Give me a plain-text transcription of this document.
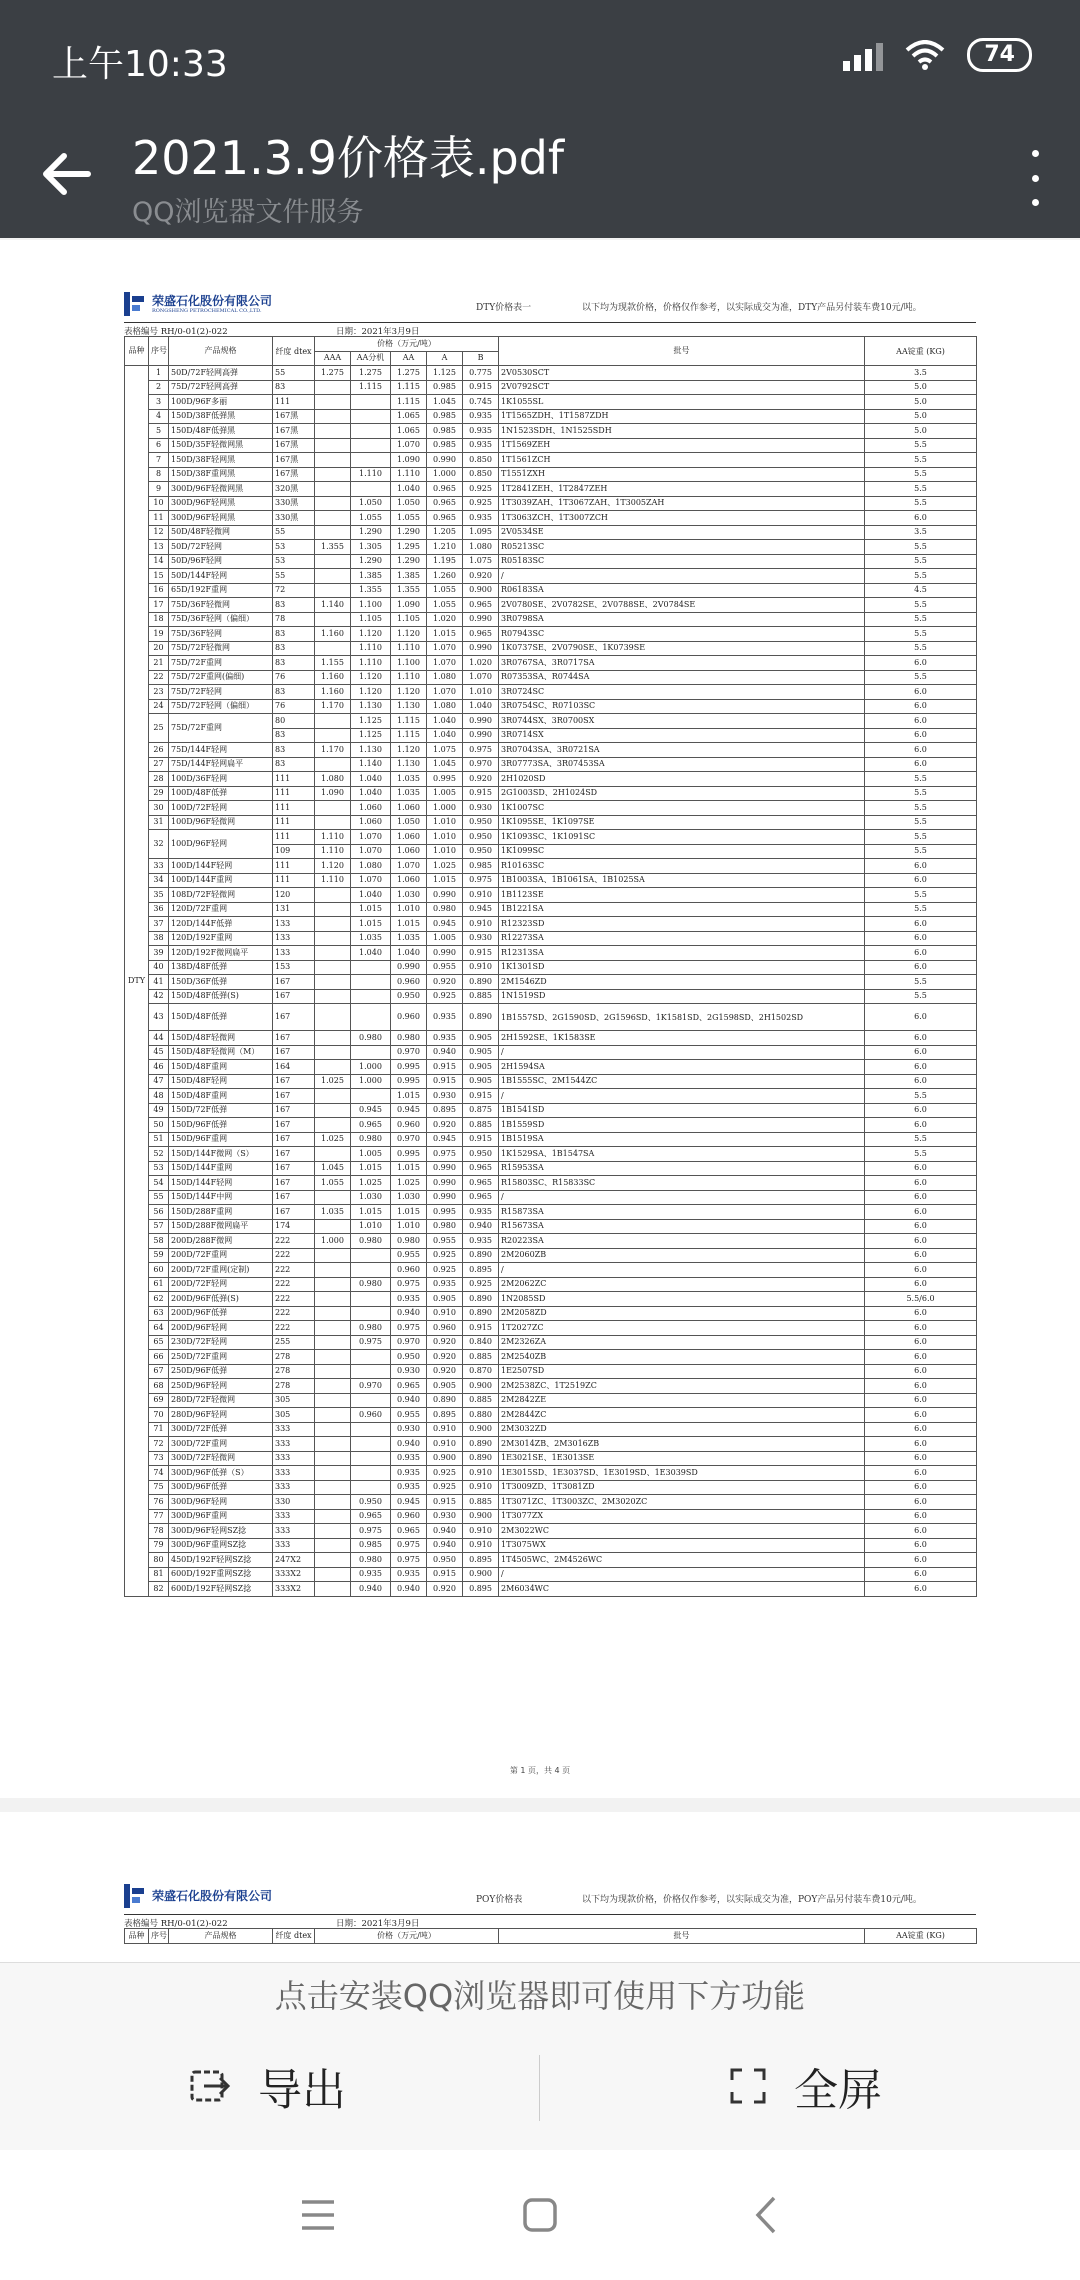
上午10:33	74
2021.3.9价格表.pdf
QQ浏览器文件服务
荣盛石化股份有限公司
RONGSHENG PETROCHEMICAL CO.,LTD.	DTY价格表一	以下均为现款价格，价格仅作参考，以实际成交为准，DTY产品另付装车费10元/吨。
表格编号 RH/0-01(2)-022	日期：2021年3月9日
品种	序号	产品规格	纤度 dtex	价格（万元/吨）					批号	AA锭重 (KG)
				AAA	AA分机	AA	A	B		
DTY	1	50D/72F轻网高弹	55	1.275	1.275	1.275	1.125	0.775	2V0530SCT	3.5
	2	75D/72F轻网高弹	83		1.115	1.115	0.985	0.915	2V0792SCT	5.0
	3	100D/96F多丽	111			1.115	1.045	0.745	1K1055SL	5.0
	4	150D/38F低弹黑	167黑			1.065	0.985	0.935	1T1565ZDH、1T1587ZDH	5.0
	5	150D/48F低弹黑	167黑			1.065	0.985	0.935	1N1523SDH、1N1525SDH	5.0
	6	150D/35F轻微网黑	167黑			1.070	0.985	0.935	1T1569ZEH	5.5
	7	150D/38F轻网黑	167黑			1.090	0.990	0.850	1T1561ZCH	5.5
	8	150D/38F重网黑	167黑		1.110	1.110	1.000	0.850	T1551ZXH	5.5
	9	300D/96F轻微网黑	320黑			1.040	0.965	0.925	1T2841ZEH、1T2847ZEH	5.5
	10	300D/96F轻网黑	330黑		1.050	1.050	0.965	0.925	1T3039ZAH、1T3067ZAH、1T3005ZAH	5.5
	11	300D/96F轻网黑	330黑		1.055	1.055	0.965	0.935	1T3063ZCH、1T3007ZCH	6.0
	12	50D/48F轻微网	55		1.290	1.290	1.205	1.095	2V0534SE	3.5
	13	50D/72F轻网	53	1.355	1.305	1.295	1.210	1.080	R05213SC	5.5
	14	50D/96F轻网	53		1.290	1.290	1.195	1.075	R05183SC	5.5
	15	50D/144F轻网	55		1.385	1.385	1.260	0.920	/	5.5
	16	65D/192F重网	72		1.355	1.355	1.055	0.900	R06183SA	4.5
	17	75D/36F轻微网	83	1.140	1.100	1.090	1.055	0.965	2V0780SE、2V0782SE、2V0788SE、2V0784SE	5.5
	18	75D/36F轻网（偏细）	78		1.105	1.105	1.020	0.990	3R0798SA	5.5
	19	75D/36F轻网	83	1.160	1.120	1.120	1.015	0.965	R07943SC	5.5
	20	75D/72F轻微网	83		1.110	1.110	1.070	0.990	1K0737SE、2V0790SE、1K0739SE	5.5
	21	75D/72F重网	83	1.155	1.110	1.100	1.070	1.020	3R0767SA、3R0717SA	6.0
	22	75D/72F重网(偏细)	76	1.160	1.120	1.110	1.080	1.070	R07353SA、R0744SA	5.5
	23	75D/72F轻网	83	1.160	1.120	1.120	1.070	1.010	3R0724SC	6.0
	24	75D/72F轻网（偏细）	76	1.170	1.130	1.130	1.080	1.040	3R0754SC、R07103SC	6.0
	25	75D/72F重网	80		1.125	1.115	1.040	0.990	3R0744SX、3R0700SX	6.0
			83		1.125	1.115	1.040	0.990	3R0714SX	6.0
	26	75D/144F轻网	83	1.170	1.130	1.120	1.075	0.975	3R07043SA、3R0721SA	6.0
	27	75D/144F轻网扁平	83		1.140	1.130	1.045	0.970	3R07773SA、3R07453SA	6.0
	28	100D/36F轻网	111	1.080	1.040	1.035	0.995	0.920	2H1020SD	5.5
	29	100D/48F低弹	111	1.090	1.040	1.035	1.005	0.915	2G1003SD、2H1024SD	5.5
	30	100D/72F轻网	111		1.060	1.060	1.000	0.930	1K1007SC	5.5
	31	100D/96F轻微网	111		1.060	1.050	1.010	0.950	1K1095SE、1K1097SE	5.5
	32	100D/96F轻网	111	1.110	1.070	1.060	1.010	0.950	1K1093SC、1K1091SC	5.5
			109	1.110	1.070	1.060	1.010	0.950	1K1099SC	5.5
	33	100D/144F轻网	111	1.120	1.080	1.070	1.025	0.985	R10163SC	6.0
	34	100D/144F重网	111	1.110	1.070	1.060	1.015	0.975	1B1003SA、1B1061SA、1B1025SA	6.0
	35	108D/72F轻微网	120		1.040	1.030	0.990	0.910	1B1123SE	5.5
	36	120D/72F重网	131		1.015	1.010	0.980	0.945	1B1221SA	5.5
	37	120D/144F低弹	133		1.015	1.015	0.945	0.910	R12323SD	6.0
	38	120D/192F重网	133		1.035	1.035	1.005	0.930	R12273SA	6.0
	39	120D/192F微网扁平	133		1.040	1.040	0.990	0.915	R12313SA	6.0
	40	138D/48F低弹	153			0.990	0.955	0.910	1K1301SD	6.0
	41	150D/36F低弹	167			0.960	0.920	0.890	2M1546ZD	5.5
	42	150D/48F低弹(S)	167			0.950	0.925	0.885	1N1519SD	5.5
	43	150D/48F低弹	167			0.960	0.935	0.890	1B1557SD、2G1590SD、2G1596SD、1K1581SD、2G1598SD、2H1502SD	6.0
	44	150D/48F轻微网	167		0.980	0.980	0.935	0.905	2H1592SE、1K1583SE	6.0
	45	150D/48F轻微网（M）	167			0.970	0.940	0.905	/	6.0
	46	150D/48F重网	164		1.000	0.995	0.915	0.905	2H1594SA	6.0
	47	150D/48F轻网	167	1.025	1.000	0.995	0.915	0.905	1B1555SC、2M1544ZC	6.0
	48	150D/48F重网	167			1.015	0.930	0.915	/	5.5
	49	150D/72F低弹	167		0.945	0.945	0.895	0.875	1B1541SD	6.0
	50	150D/96F低弹	167		0.965	0.960	0.920	0.885	1B1559SD	6.0
	51	150D/96F重网	167	1.025	0.980	0.970	0.945	0.915	1B1519SA	5.5
	52	150D/144F微网（S）	167		1.005	0.995	0.975	0.950	1K1529SA、1B1547SA	5.5
	53	150D/144F重网	167	1.045	1.015	1.015	0.990	0.965	R15953SA	6.0
	54	150D/144F轻网	167	1.055	1.025	1.025	0.990	0.965	R15803SC、R15833SC	6.0
	55	150D/144F中网	167		1.030	1.030	0.990	0.965	/	6.0
	56	150D/288F重网	167	1.035	1.015	1.015	0.995	0.935	R15873SA	6.0
	57	150D/288F微网扁平	174		1.010	1.010	0.980	0.940	R15673SA	6.0
	58	200D/288F微网	222	1.000	0.980	0.980	0.955	0.935	R20223SA	6.0
	59	200D/72F重网	222			0.955	0.925	0.890	2M2060ZB	6.0
	60	200D/72F重网(定制)	222			0.960	0.925	0.895	/	6.0
	61	200D/72F轻网	222		0.980	0.975	0.935	0.925	2M2062ZC	6.0
	62	200D/96F低弹(S)	222			0.935	0.905	0.890	1N2085SD	5.5/6.0
	63	200D/96F低弹	222			0.940	0.910	0.890	2M2058ZD	6.0
	64	200D/96F轻网	222		0.980	0.975	0.960	0.915	1T2027ZC	6.0
	65	230D/72F轻网	255		0.975	0.970	0.920	0.840	2M2326ZA	6.0
	66	250D/72F重网	278			0.950	0.920	0.885	2M2540ZB	6.0
	67	250D/96F低弹	278			0.930	0.920	0.870	1E2507SD	6.0
	68	250D/96F轻网	278		0.970	0.965	0.905	0.900	2M2538ZC、1T2519ZC	6.0
	69	280D/72F轻微网	305			0.940	0.890	0.885	2M2842ZE	6.0
	70	280D/96F轻网	305		0.960	0.955	0.895	0.880	2M2844ZC	6.0
	71	300D/72F低弹	333			0.930	0.910	0.900	2M3032ZD	6.0
	72	300D/72F重网	333			0.940	0.910	0.890	2M3014ZB、2M3016ZB	6.0
	73	300D/72F轻微网	333			0.935	0.900	0.890	1E3021SE、1E3013SE	6.0
	74	300D/96F低弹（S）	333			0.935	0.925	0.910	1E3015SD、1E3037SD、1E3019SD、1E3039SD	6.0
	75	300D/96F低弹	333			0.935	0.925	0.910	1T3009ZD、1T3081ZD	6.0
	76	300D/96F轻网	330		0.950	0.945	0.915	0.885	1T3071ZC、1T3003ZC、2M3020ZC	6.0
	77	300D/96F重网	333		0.965	0.960	0.930	0.900	1T3077ZX	6.0
	78	300D/96F轻网SZ捻	333		0.975	0.965	0.940	0.910	2M3022WC	6.0
	79	300D/96F重网SZ捻	333		0.985	0.975	0.940	0.910	1T3075WX	6.0
	80	450D/192F轻网SZ捻	247X2		0.980	0.975	0.950	0.895	1T4505WC、2M4526WC	6.0
	81	600D/192F重网SZ捻	333X2		0.935	0.935	0.915	0.900	/	6.0
	82	600D/192F轻网SZ捻	333X2		0.940	0.940	0.920	0.895	2M6034WC	6.0
第 1 页，共 4 页
荣盛石化股份有限公司	POY价格表	以下均为现款价格，价格仅作参考，以实际成交为准，POY产品另付装车费10元/吨。
表格编号 RH/0-01(2)-022	日期：2021年3月9日
品种	序号	产品规格	纤度 dtex	价格（万元/吨）	批号	AA锭重 (KG)
点击安装QQ浏览器即可使用下方功能
导出	全屏
